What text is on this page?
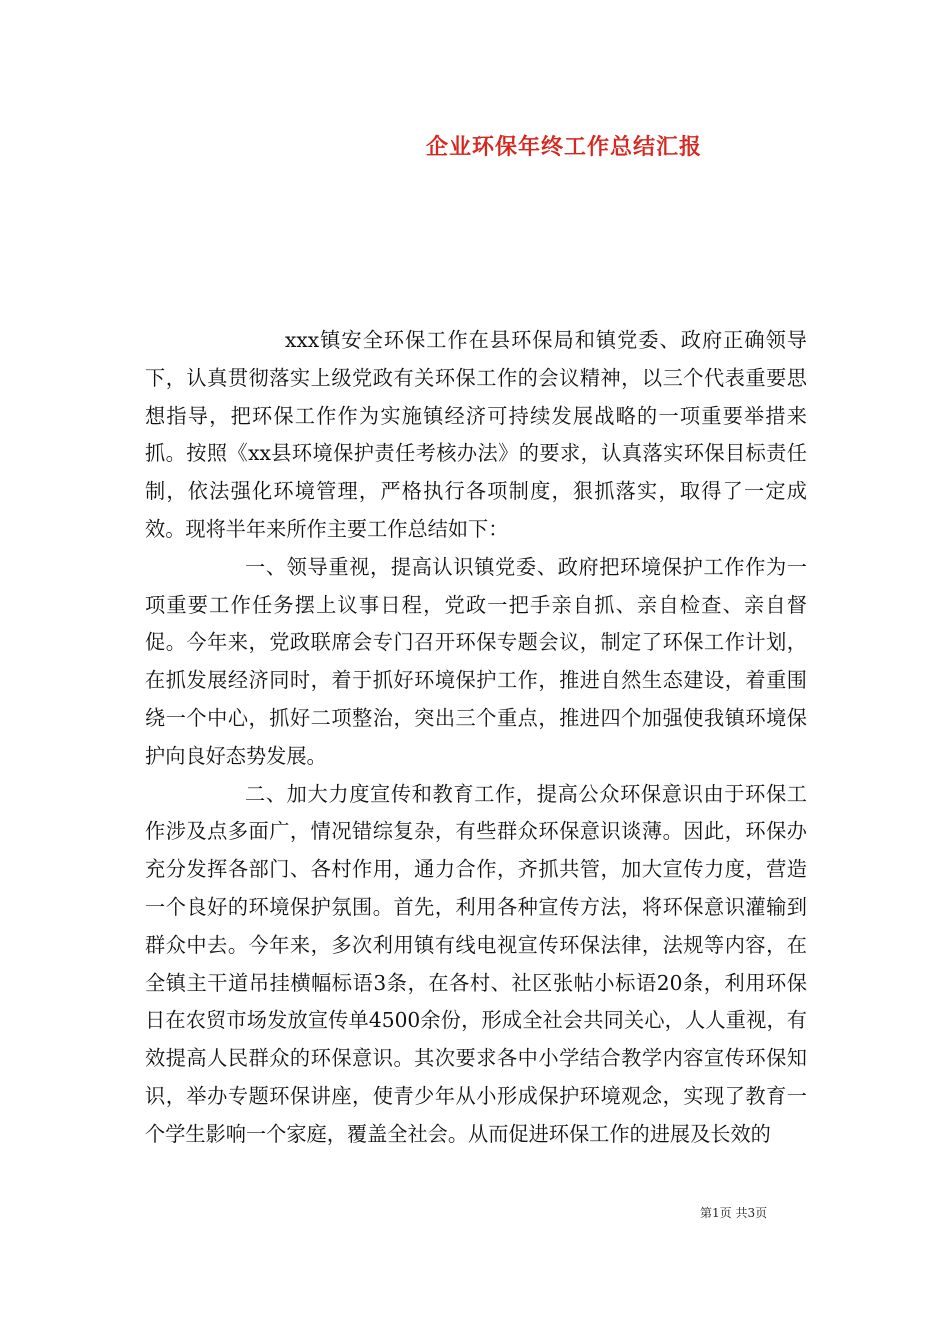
企业环保年终工作总结汇报

xxx镇安全环保工作在县环保局和镇党委、政府正确领导下，认真贯彻落实上级党政有关环保工作的会议精神，以三个代表重要思想指导，把环保工作作为实施镇经济可持续发展战略的一项重要举措来抓。按照《xx县环境保护责任考核办法》的要求，认真落实环保目标责任制，依法强化环境管理，严格执行各项制度，狠抓落实，取得了一定成效。现将半年来所作主要工作总结如下：

一、领导重视，提高认识镇党委、政府把环境保护工作作为一项重要工作任务摆上议事日程，党政一把手亲自抓、亲自检查、亲自督促。今年来，党政联席会专门召开环保专题会议，制定了环保工作计划，在抓发展经济同时，着于抓好环境保护工作，推进自然生态建设，着重围绕一个中心，抓好二项整治，突出三个重点，推进四个加强使我镇环境保护向良好态势发展。

二、加大力度宣传和教育工作，提高公众环保意识由于环保工作涉及点多面广，情况错综复杂，有些群众环保意识谈薄。因此，环保办充分发挥各部门、各村作用，通力合作，齐抓共管，加大宣传力度，营造一个良好的环境保护氛围。首先，利用各种宣传方法，将环保意识灌输到群众中去。今年来，多次利用镇有线电视宣传环保法律，法规等内容，在全镇主干道吊挂横幅标语3条，在各村、社区张帖小标语20条，利用环保日在农贸市场发放宣传单4500余份，形成全社会共同关心，人人重视，有效提高人民群众的环保意识。其次要求各中小学结合教学内容宣传环保知识，举办专题环保讲座，使青少年从小形成保护环境观念，实现了教育一个学生影响一个家庭，覆盖全社会。从而促进环保工作的进展及长效的

第1页 共3页
